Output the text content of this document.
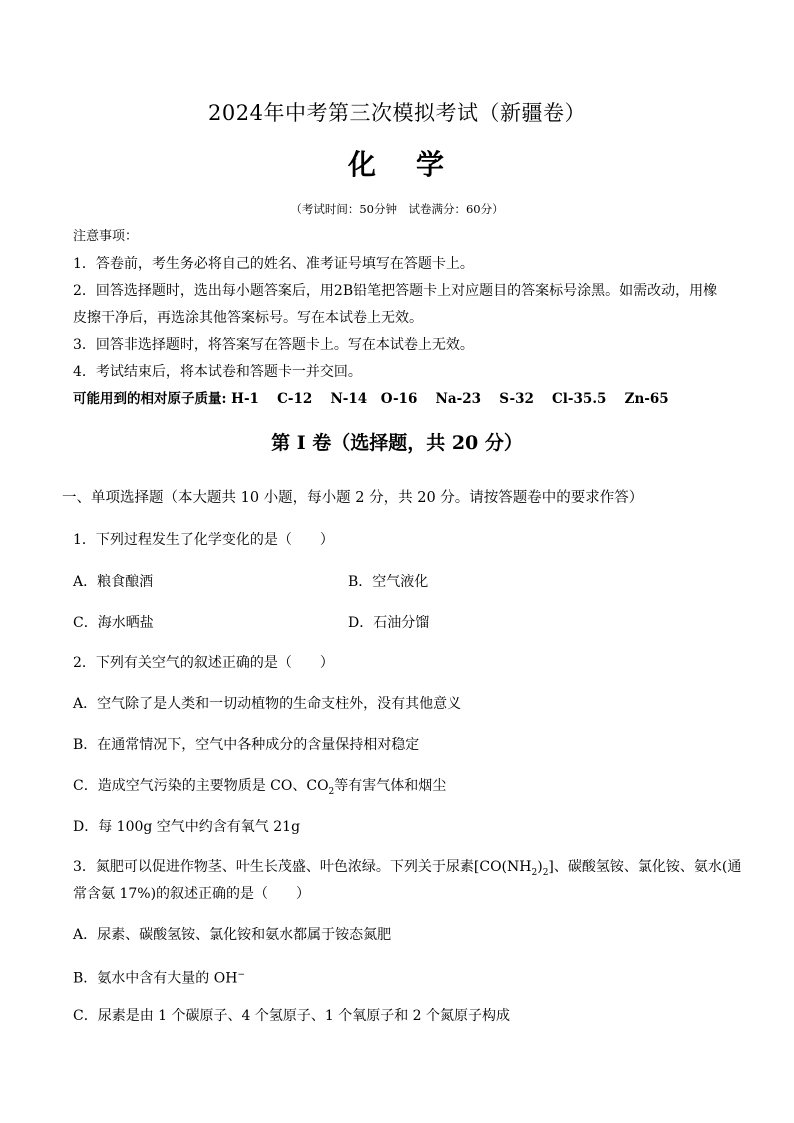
2024年中考第三次模拟考试（新疆卷）
化 学
（考试时间：50分钟　试卷满分：60分）
注意事项：
1．答卷前，考生务必将自己的姓名、准考证号填写在答题卡上。
2．回答选择题时，选出每小题答案后，用2B铅笔把答题卡上对应题目的答案标号涂黑。如需改动，用橡
皮擦干净后，再选涂其他答案标号。写在本试卷上无效。
3．回答非选择题时，将答案写在答题卡上。写在本试卷上无效。
4．考试结束后，将本试卷和答题卡一并交回。
可能用到的相对原子质量: H-1　 C-12　 N-14　O-16　 Na-23　 S-32　 Cl-35.5　 Zn-65
第 I 卷（选择题，共 20 分）
一、单项选择题（本大题共 10 小题，每小题 2 分，共 20 分。请按答题卷中的要求作答）
1．下列过程发生了化学变化的是（　　）
A．粮食酿酒	B．空气液化
C．海水晒盐	D．石油分馏
2．下列有关空气的叙述正确的是（　　）
A．空气除了是人类和一切动植物的生命支柱外，没有其他意义
B．在通常情况下，空气中各种成分的含量保持相对稳定
C．造成空气污染的主要物质是 CO、$CO_2$等有害气体和烟尘
D．每 100g 空气中约含有氧气 21g
3．氮肥可以促进作物茎、叶生长茂盛、叶色浓绿。下列关于尿素$[CO(NH_2)_2]$、碳酸氢铵、氯化铵、氨水(通
常含氨 17%)的叙述正确的是（　　）
A．尿素、碳酸氢铵、氯化铵和氨水都属于铵态氮肥
B．氨水中含有大量的 OH−
C．尿素是由 1 个碳原子、4 个氢原子、1 个氧原子和 2 个氮原子构成
